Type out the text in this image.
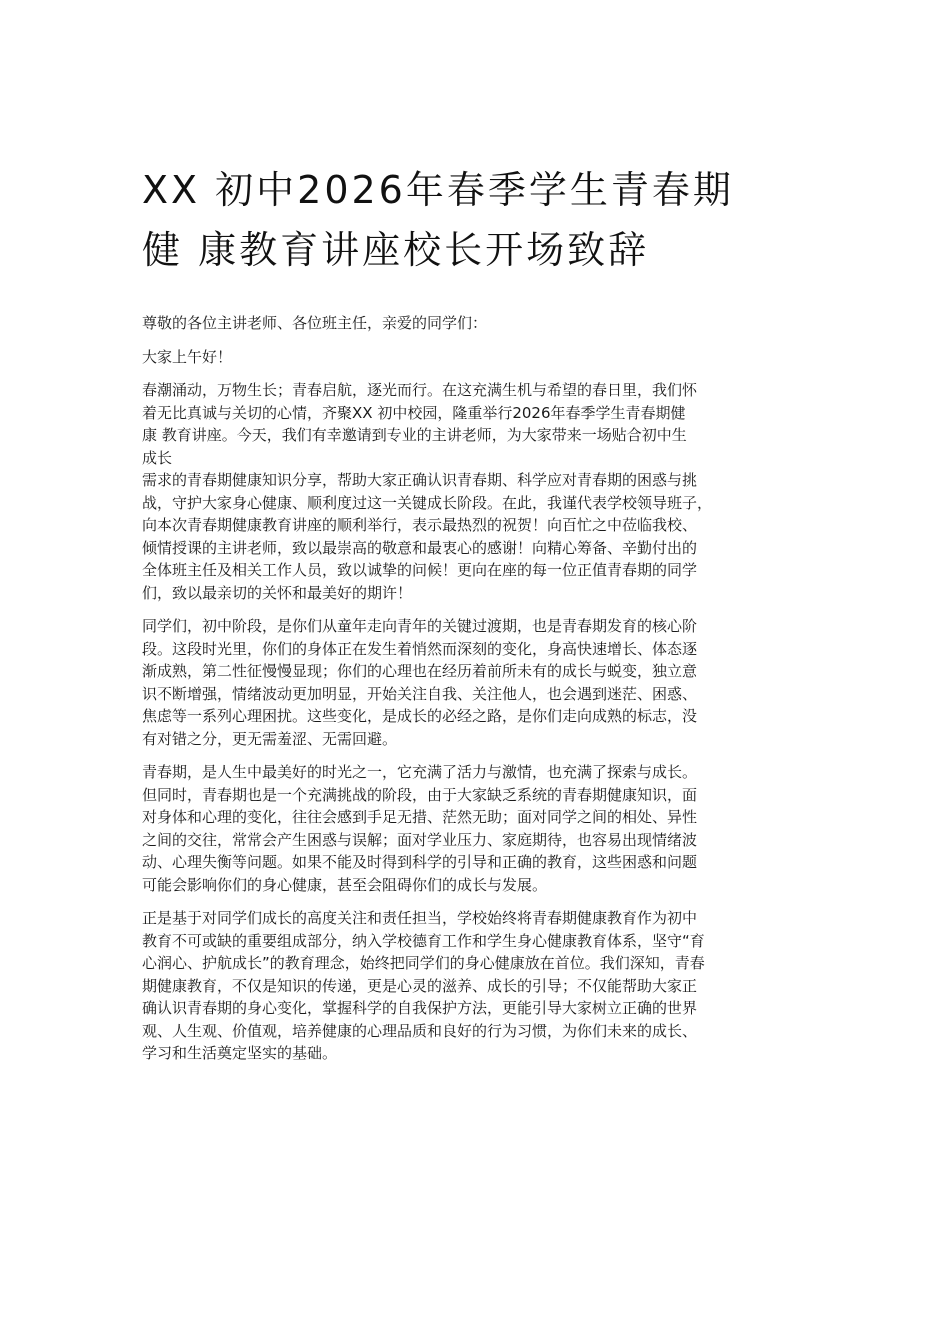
XX 初中2026年春季学生青春期
健 康教育讲座校长开场致辞

尊敬的各位主讲老师、各位班主任，亲爱的同学们：

大家上午好！

春潮涌动，万物生长；青春启航，逐光而行。在这充满生机与希望的春日里，我们怀
着无比真诚与关切的心情，齐聚XX 初中校园，隆重举行2026年春季学生青春期健
康 教育讲座。今天，我们有幸邀请到专业的主讲老师，为大家带来一场贴合初中生
成长
需求的青春期健康知识分享，帮助大家正确认识青春期、科学应对青春期的困惑与挑
战，守护大家身心健康、顺利度过这一关键成长阶段。在此，我谨代表学校领导班子，
向本次青春期健康教育讲座的顺利举行，表示最热烈的祝贺！向百忙之中莅临我校、
倾情授课的主讲老师，致以最崇高的敬意和最衷心的感谢！向精心筹备、辛勤付出的
全体班主任及相关工作人员，致以诚挚的问候！更向在座的每一位正值青春期的同学
们，致以最亲切的关怀和最美好的期许！

同学们，初中阶段，是你们从童年走向青年的关键过渡期，也是青春期发育的核心阶
段。这段时光里，你们的身体正在发生着悄然而深刻的变化，身高快速增长、体态逐
渐成熟，第二性征慢慢显现；你们的心理也在经历着前所未有的成长与蜕变，独立意
识不断增强，情绪波动更加明显，开始关注自我、关注他人，也会遇到迷茫、困惑、
焦虑等一系列心理困扰。这些变化，是成长的必经之路，是你们走向成熟的标志，没
有对错之分，更无需羞涩、无需回避。

青春期，是人生中最美好的时光之一，它充满了活力与激情，也充满了探索与成长。
但同时，青春期也是一个充满挑战的阶段，由于大家缺乏系统的青春期健康知识，面
对身体和心理的变化，往往会感到手足无措、茫然无助；面对同学之间的相处、异性
之间的交往，常常会产生困惑与误解；面对学业压力、家庭期待，也容易出现情绪波
动、心理失衡等问题。如果不能及时得到科学的引导和正确的教育，这些困惑和问题
可能会影响你们的身心健康，甚至会阻碍你们的成长与发展。

正是基于对同学们成长的高度关注和责任担当，学校始终将青春期健康教育作为初中
教育不可或缺的重要组成部分，纳入学校德育工作和学生身心健康教育体系，坚守“育
心润心、护航成长”的教育理念，始终把同学们的身心健康放在首位。我们深知，青春
期健康教育，不仅是知识的传递，更是心灵的滋养、成长的引导；不仅能帮助大家正
确认识青春期的身心变化，掌握科学的自我保护方法，更能引导大家树立正确的世界
观、人生观、价值观，培养健康的心理品质和良好的行为习惯，为你们未来的成长、
学习和生活奠定坚实的基础。
